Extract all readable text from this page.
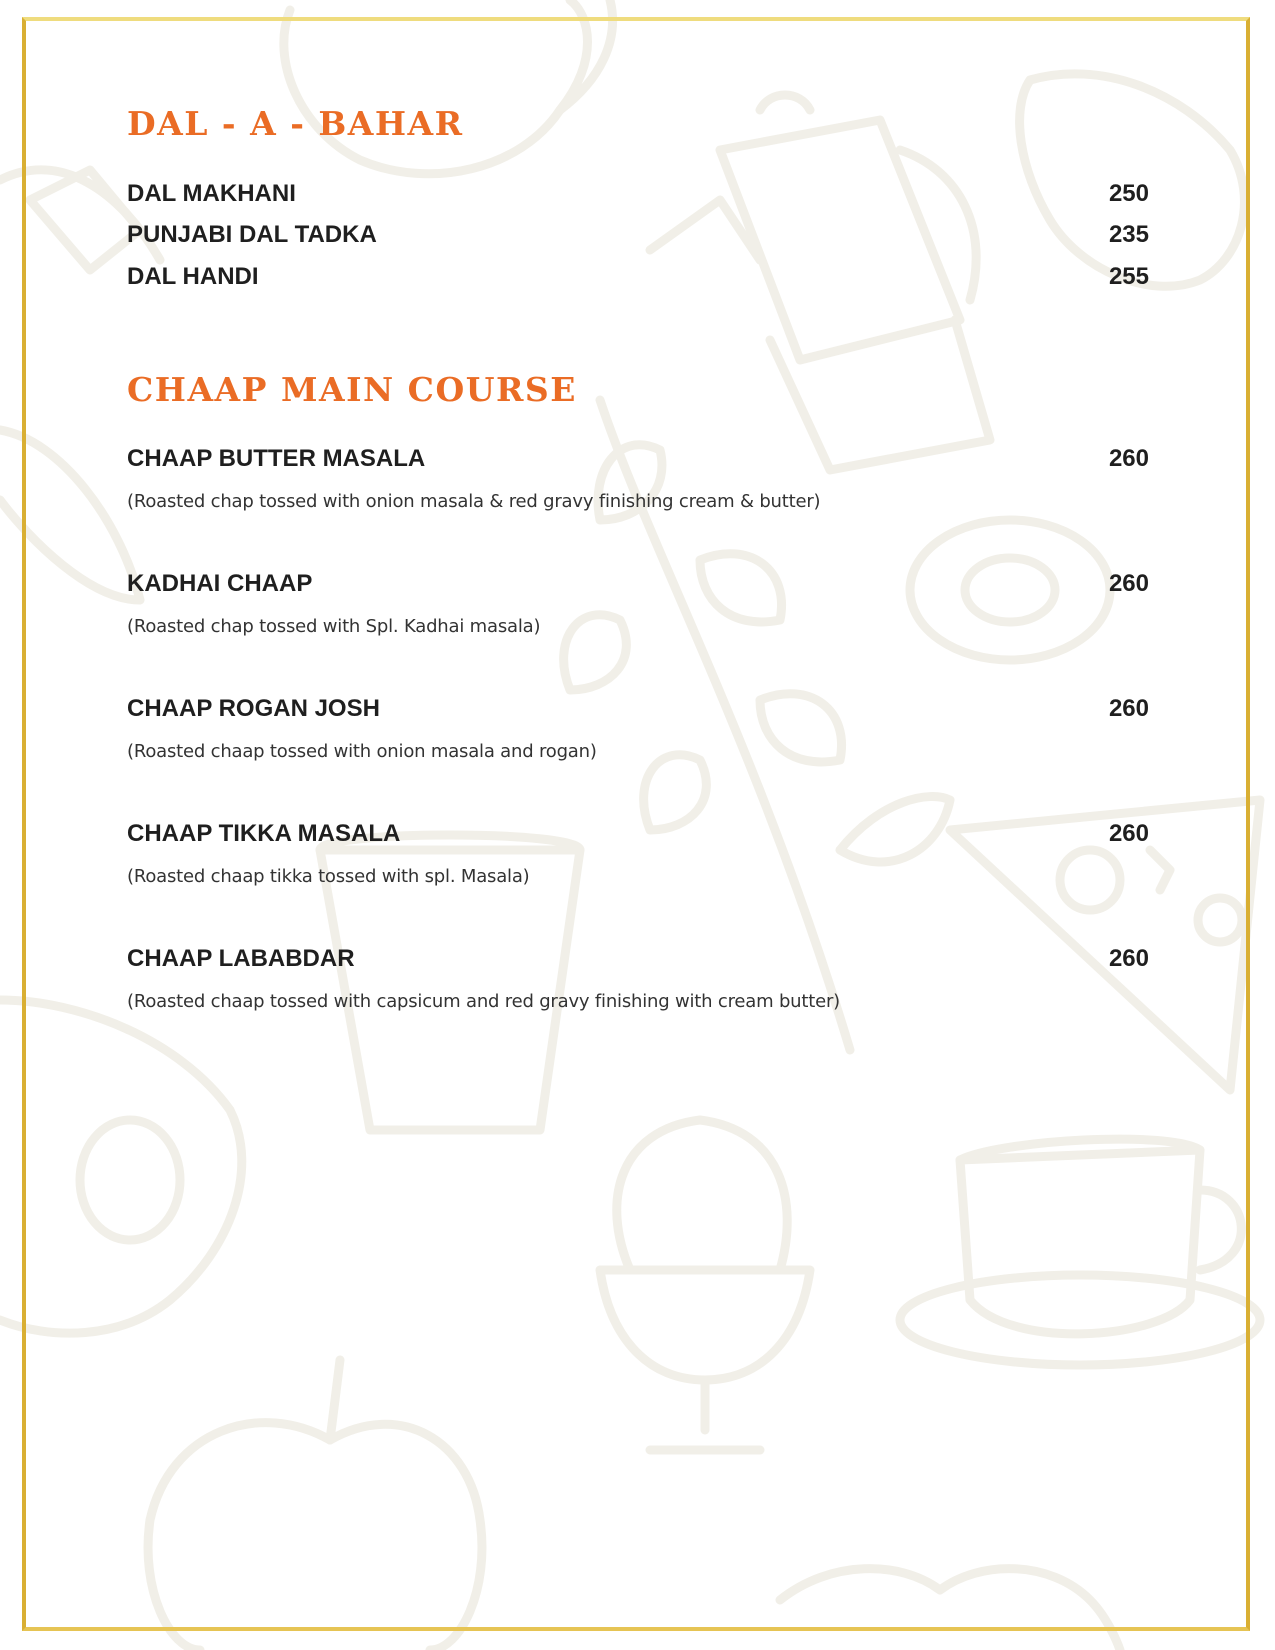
DAL - A - BAHAR
DAL MAKHANI	250
PUNJABI DAL TADKA	235
DAL HANDI	255
CHAAP MAIN COURSE
CHAAP BUTTER MASALA	260
(Roasted chap tossed with onion masala & red gravy finishing cream & butter)
KADHAI CHAAP	260
(Roasted chap tossed with Spl. Kadhai masala)
CHAAP ROGAN JOSH	260
(Roasted chaap tossed with onion masala and rogan)
CHAAP TIKKA MASALA	260
(Roasted chaap tikka tossed with spl. Masala)
CHAAP LABABDAR	260
(Roasted chaap tossed with capsicum and red gravy finishing with cream butter)
